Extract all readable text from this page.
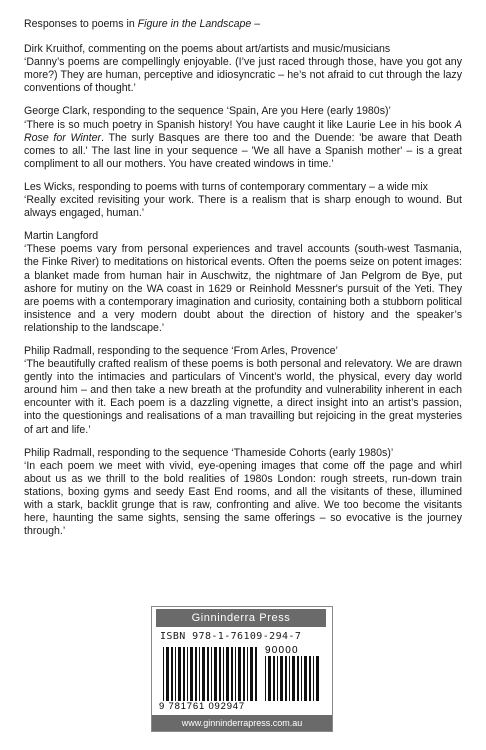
Responses to poems in Figure in the Landscape –

Dirk Kruithof, commenting on the poems about art/artists and music/musicians
‘Danny’s poems are compellingly enjoyable. (I’ve just raced through those, have you got any more?) They are human, perceptive and idiosyncratic – he’s not afraid to cut through the lazy conventions of thought.’

George Clark, responding to the sequence ‘Spain, Are you Here (early 1980s)’
‘There is so much poetry in Spanish history! You have caught it like Laurie Lee in his book A Rose for Winter. The surly Basques are there too and the Duende: 'be aware that Death comes to all.' The last line in your sequence – 'We all have a Spanish mother' – is a great compliment to all our mothers. You have created windows in time.’

Les Wicks, responding to poems with turns of contemporary commentary – a wide mix
‘Really excited revisiting your work. There is a realism that is sharp enough to wound. But always engaged, human.’

Martin Langford
‘These poems vary from personal experiences and travel accounts (south-west Tasmania, the Finke River) to meditations on historical events. Often the poems seize on potent images: a blanket made from human hair in Auschwitz, the nightmare of Jan Pelgrom de Bye, put ashore for mutiny on the WA coast in 1629 or Reinhold Messner's pursuit of the Yeti. They are poems with a contemporary imagination and curiosity, containing both a stubborn political insistence and a very modern doubt about the direction of history and the speaker’s relationship to the landscape.’

Philip Radmall, responding to the sequence ‘From Arles, Provence’
‘The beautifully crafted realism of these poems is both personal and relevatory. We are drawn gently into the intimacies and particulars of Vincent’s world, the physical, every day world around him – and then take a new breath at the profundity and vulnerability inherent in each encounter with it. Each poem is a dazzling vignette, a direct insight into an artist’s passion, into the questionings and realisations of a man travailling but rejoicing in the great mysteries of art and life.’

Philip Radmall, responding to the sequence ‘Thameside Cohorts (early 1980s)’
‘In each poem we meet with vivid, eye-opening images that come off the page and whirl about us as we thrill to the bold realities of 1980s London: rough streets, run-down train stations, boxing gyms and seedy East End rooms, and all the visitants of these, illumined with a stark, backlit grunge that is raw, confronting and alive. We too become the visitants here, haunting the same sights, sensing the same offerings – so evocative is the journey through.’

Ginninderra Press
ISBN 978-1-76109-294-7
90000
9 781761 092947
www.ginninderrapress.com.au
